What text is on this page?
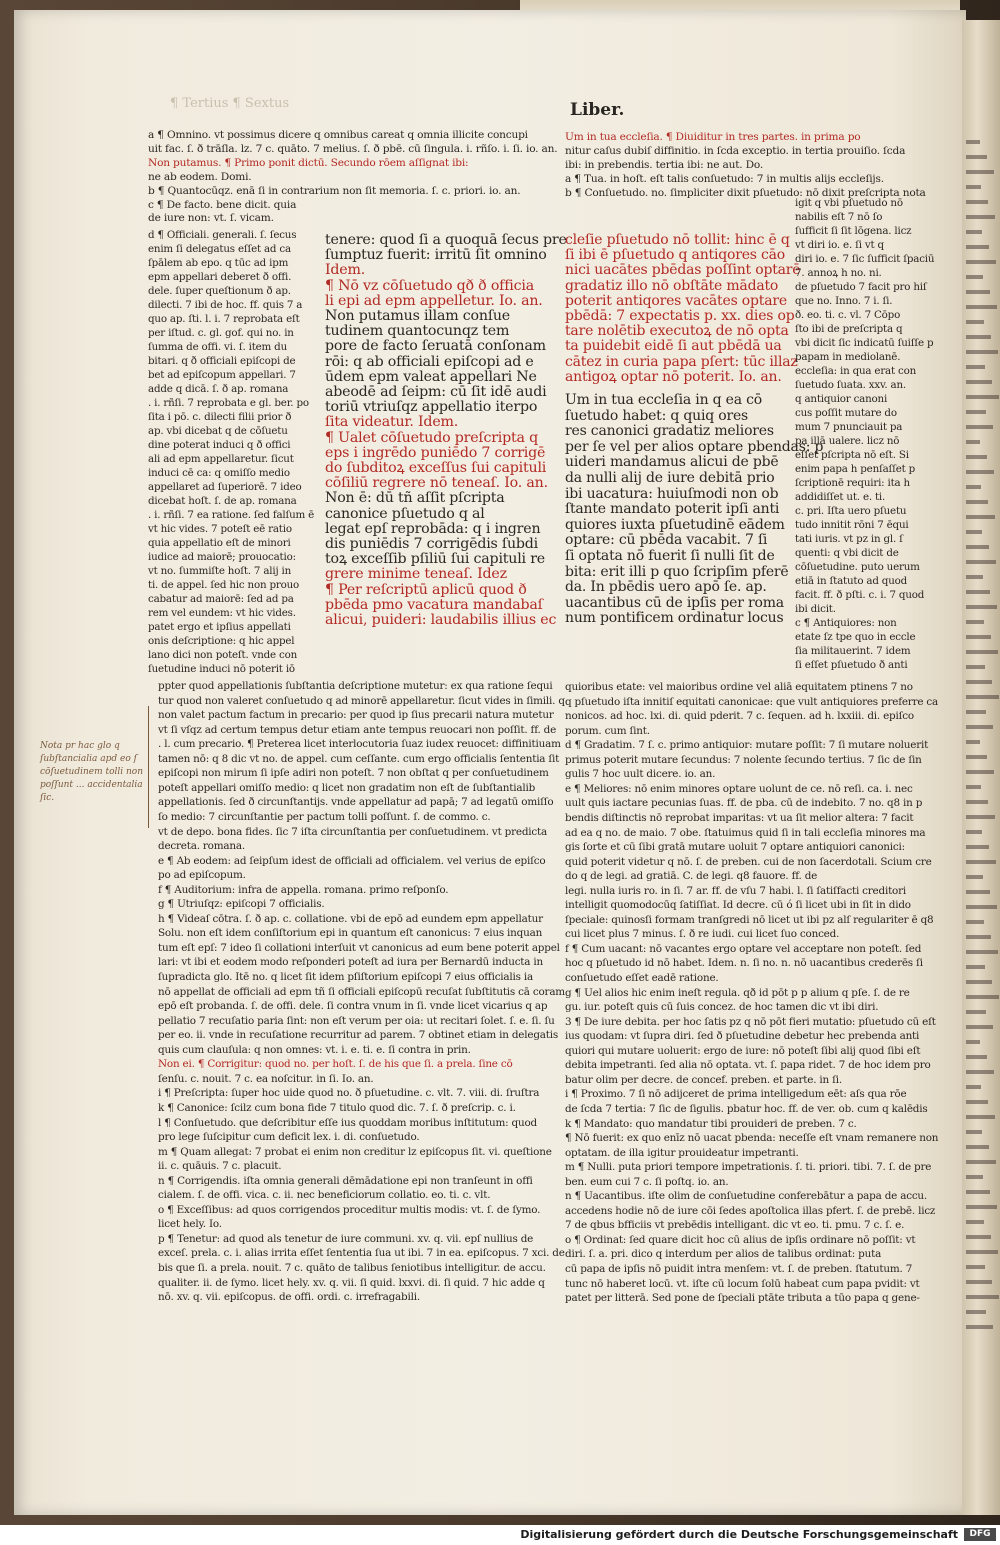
¶ Tertius ¶ Sextus	Liber.
a ¶ Omnino. vt possimus dicere q omnibus careat q omnia illicite concupi
uit fac. ſ. ð trāſla. lz. 7 c. quāto. 7 melius. ſ. ð pbē. cū ſingula. i. rñſo. i. ſi. io. an.
Non putamus. ¶ Primo ponit dictū. Secundo rōem aſſignat ibi:
ne ab eodem. Domi.
b ¶ Quantocūqz. enā ſi in contrarium non ſit memoria. ſ. c. priori. io. an.
c ¶ De facto. bene dicit. quia
de iure non: vt. ſ. vicam.
d ¶ Officiali. generali. ſ. ſecus
enim ſi delegatus eſſet ad ca
ſpālem ab epo. q tūc ad ipm
epm appellari deberet ð offi.
dele. ſuper queſtionum ð ap.
dilecti. 7 ibi de hoc. ff. quis 7 a
quo ap. ſti. l. i. 7 reprobata eſt
per iſtud. c. gl. gof. qui no. in
ſumma de offi. vi. ſ. item du
bitari. q ð officiali epiſcopi de
bet ad epiſcopum appellari. 7
adde q dicā. ſ. ð ap. romana
. i. rñſi. 7 reprobata e gl. ber. po
ſita i pō. c. dilecti filii prior ð
ap. vbi dicebat q de cōſuetu
dine poterat induci q ð offici
ali ad epm appellaretur. ſicut
induci cē ca: q omiſſo medio
appellaret ad ſuperiorē. 7 ideo
dicebat hoſt. ſ. de ap. romana
. i. rñſi. 7 ea ratione. ſed falſum ē
vt hic vides. 7 poteſt eē ratio
quia appellatio eſt de minori
iudice ad maiorē; prouocatio:
vt no. ſummiſte hoſt. 7 alij in
ti. de appel. ſed hic non prouo
cabatur ad maiorē: ſed ad pa
rem vel eundem: vt hic vides.
patet ergo et ipſius appellati
onis deſcriptione: q hic appel
lano dici non poteſt. vnde con
ſuetudine induci nō poterit iō
ppter quod appellationis ſubſtantia deſcriptione mutetur: ex qua ratione ſequi
tur quod non valeret conſuetudo q ad minorē appellaretur. ſicut vides in ſimili. q
non valet pactum factum in precario: per quod ip ſius precarii natura mutetur
vt ſi vſqz ad certum tempus detur etiam ante tempus reuocari non poſſit. ff. de
. l. cum precario. ¶ Preterea licet interlocutoria ſuaz iudex reuocet: diffinitiuam
tamen nō: q 8 dic vt no. de appel. cum ceſſante. cum ergo officialis ſententia ſit
epiſcopi non mirum ſi ipſe adiri non poteſt. 7 non obſtat q per conſuetudinem
poteſt appellari omiſſo medio: q licet non gradatim non eſt de ſubſtantialib
appellationis. ſed ð circunſtantijs. vnde appellatur ad papā; 7 ad legatū omiſſo
ſo medio: 7 circunſtantie per pactum tolli poſſunt. ſ. de commo. c.
vt de depo. bona fides. ſic 7 iſta circunſtantia per conſuetudinem. vt predicta
decreta. romana.
e ¶ Ab eodem: ad ſeipſum idest de officiali ad officialem. vel verius de epiſco
po ad epiſcopum.
f ¶ Auditorium: infra de appella. romana. primo reſponſo.
g ¶ Utriuſqz: epiſcopi 7 officialis.
h ¶ Videaſ cōtra. ſ. ð ap. c. collatione. vbi de epō ad eundem epm appellatur
Solu. non eſt idem conſiſtorium epi in quantum eſt canonicus: 7 eius inquan
tum eſt epſ: 7 ideo ſi collationi interſuit vt canonicus ad eum bene poterit appel
lari: vt ibi et eodem modo reſponderi poteſt ad iura per Bernardū inducta in
ſupradicta glo. Itē no. q licet ſit idem pſiſtorium epiſcopi 7 eius officialis ia
nō appellat de officiali ad epm tñ ſi officiali epiſcopū recuſat ſubſtitutis cā coram
epō eſt probanda. ſ. de offi. dele. ſi contra vnum in ſi. vnde licet vicarius q ap
pellatio 7 recuſatio paria ſint: non eſt verum per oia: ut recitari ſolet. ſ. e. ſi. ſu
per eo. ii. vnde in recuſatione recurritur ad parem. 7 obtinet etiam in delegatis
quis cum clauſula: q non omnes: vt. i. e. ti. e. ſi contra in prin.
Non ei. ¶ Corrigitur: quod no. per hoſt. ſ. de his que ſi. a prela. ſine cō
ſenſu. c. nouit. 7 c. ea noſcitur. in ſi. Io. an.
i ¶ Preſcripta: ſuper hoc uide quod no. ð pſuetudine. c. vlt. 7. viii. di. ſruſtra
k ¶ Canonice: ſcilz cum bona fide 7 titulo quod dic. 7. ſ. ð preſcrip. c. i.
l ¶ Conſuetudo. que deſcribitur eſſe ius quoddam moribus inſtitutum: quod
pro lege ſuſcipitur cum deficit lex. i. di. conſuetudo.
m ¶ Quam allegat: 7 probat ei enim non creditur lz epiſcopus ſit. vi. queſtione
ii. c. quāuis. 7 c. placuit.
n ¶ Corrigendis. iſta omnia generali dēmādatione epi non tranſeunt in offi
cialem. ſ. de offi. vica. c. ii. nec beneficiorum collatio. eo. ti. c. vlt.
o ¶ Exceſſibus: ad quos corrigendos proceditur multis modis: vt. ſ. de ſymo.
licet hely. Io.
p ¶ Tenetur: ad quod als tenetur de iure communi. xv. q. vii. epſ nullius de
exceſ. prela. c. i. alias irrita eſſet ſententia ſua ut ibi. 7 in ea. epiſcopus. 7 xci. de
bis que ſi. a prela. nouit. 7 c. quāto de talibus ſeniotibus intelligitur. de accu.
qualiter. ii. de ſymo. licet hely. xv. q. vii. ſi quid. lxxvi. di. ſi quid. 7 hic adde q
nō. xv. q. vii. epiſcopus. de offi. ordi. c. irrefragabili.
tenere: quod ſi a quoquā ſecus pre
ſumptuz fuerit: irritū ſit omnino
Idem.
¶ Nō vz cōſuetudo qð ð officia
li epi ad epm appelletur. Io. an.
Non putamus illam conſue
tudinem quantocunqz tem
pore de facto ſeruatā conſonam
rōi: q ab officiali epiſcopi ad e
ūdem epm valeat appellari Ne
abeodē ad ſeipm: cū ſit idē audi
toriū vtriuſqz appellatio iterpo
ſita videatur. Idem.
¶ Ualet cōſuetudo preſcripta q
eps i ingrēdo puniēdo 7 corrigē
do ſubditoꝝ exceſſus ſui capituli
cōſiliū regrere nō teneaſ. Io. an.
Non ē: dū tñ aſſit pſcripta
canonice pſuetudo q al
legat epſ reprobāda: q i ingren
dis puniēdis 7 corrigēdis ſubdi
toꝝ exceſſib pſiliū ſui capituli re
grere minime teneaſ. Idez
¶ Per reſcriptū aplicū quod ð
pbēda pmo vacatura mandabaſ
alicui, puideri: laudabilis illius ec
Um in tua eccleſia. ¶ Diuiditur in tres partes. in prima po
nitur caſus dubiſ diffinitio. in ſcda exceptio. in tertia prouiſio. ſcda
ibi: in prebendis. tertia ibi: ne aut. Do.
a ¶ Tua. in hoſt. eſt talis conſuetudo: 7 in multis alijs eccleſijs.
b ¶ Conſuetudo. no. ſimpliciter dixit pſuetudo: nō dixit preſcripta nota
cleſie pſuetudo nō tollit: hinc ē q
ſi ibi ē pſuetudo q antiqores cāo
nici uacātes pbēdas poſſint optarē
gradatiz illo nō obſtāte mādato
poterit antiqores vacātes optare
pbēdā: 7 expectatis p. xx. dies op
tare nolētib executoꝝ de nō opta
ta puidebit eidē ſi aut pbēdā ua
cātez in curia papa pſert: tūc illaz
antigoꝝ optar nō poterit. Io. an.
Um in tua eccleſia in q ea cō
ſuetudo habet: q quiq ores
res canonici gradatiz meliores
per ſe vel per alios optare pbendas: p
uideri mandamus alicui de pbē
da nulli alij de iure debitā prio
ibi uacatura: huiuſmodi non ob
ſtante mandato poterit ipſi anti
quiores iuxta pſuetudinē eādem
optare: cū pbēda vacabit. 7 ſi
ſi optata nō fuerit ſi nulli ſit de
bita: erit illi p quo ſcripſim pferē
da. In pbēdis uero apō ſe. ap.
uacantibus cū de ipſis per roma
num pontificem ordinatur locus
igit q vbi pſuetudo nō
nabilis eſt 7 nō ſo
ſufficit ſi ſit lōgena. licz
vt diri io. e. ſi vt q
diri io. e. 7 ſic ſufficit ſpaciū
7. annoꝝ h no. ni.
de pſuetudo 7 facit pro hiſ
que no. Inno. 7 i. ſi.
ð. eo. ti. c. vl. 7 Cōpo
ſto ibi de preſcripta q
vbi dicit ſic indicatū ſuiſſe p
papam in mediolanē.
eccleſia: in qua erat con
ſuetudo ſuata. xxv. an.
q antiquior canoni
cus poſſit mutare do
mum 7 pnunciauit pa
pa illā ualere. licz nō
eſſet pſcripta nō eſt. Si
enim papa h penſaſſet p
ſcriptionē requiri: ita h
addidiſſet ut. e. ti.
c. pri. Iſta uero pſuetu
tudo innitit rōni 7 ēqui
tati iuris. vt pz in gl. ſ
quenti: q vbi dicit de
cōſuetudine. puto uerum
etiā in ſtatuto ad quod
facit. ff. ð pſti. c. i. 7 quod
ibi dicit.
c ¶ Antiquiores: non
etate ſz tpe quo in eccle
ſia militauerint. 7 idem
ſi eſſet pſuetudo ð anti
quioribus etate: vel maioribus ordine vel aliā equitatem ptinens 7 no
q pſuetudo iſta innitiſ equitati canonicae: que vult antiquiores preferre ca
nonicos. ad hoc. lxi. di. quid pderit. 7 c. ſequen. ad h. lxxiii. di. epiſco
porum. cum ſint.
d ¶ Gradatim. 7 ſ. c. primo antiquior: mutare poſſit: 7 ſi mutare noluerit
primus poterit mutare ſecundus: 7 nolente ſecundo tertius. 7 ſic de ſin
gulis 7 hoc uult dicere. io. an.
e ¶ Meliores: nō enim minores optare uolunt de ce. nō reſi. ca. i. nec
uult quis iactare pecunias ſuas. ff. de pba. cū de indebito. 7 no. q8 in p
bendis diſtinctis nō reprobat imparitas: vt ua ſit melior altera: 7 facit
ad ea q no. de maio. 7 obe. ſtatuimus quid ſi in tali eccleſia minores ma
gis ſorte et cū ſibi gratā mutare uoluit 7 optare antiquiori canonici:
quid poterit videtur q nō. ſ. de preben. cui de non ſacerdotali. Scium cre
do q de legi. ad gratiā. C. de legi. q8 fauore. ff. de
legi. nulla iuris ro. in ſi. 7 ar. ff. de vſu 7 habi. l. ſi ſatiſfacti creditori
intelligit quomodocūq ſatiſſiat. Id decre. cū ó ſi licet ubi in ſit in dido
ſpeciale: quinosſi formam tranſgredi nō licet ut ibi pz alſ regulariter ē q8
cui licet plus 7 minus. ſ. ð re iudi. cui licet ſuo conced.
f ¶ Cum uacant: nō vacantes ergo optare vel acceptare non poteſt. ſed
hoc q pſuetudo id nō habet. Idem. n. ſi no. n. nō uacantibus crederēs ſi
conſuetudo eſſet eadē ratione.
g ¶ Uel alios hic enim ineſt regula. qð id pōt p p alium q pſe. ſ. de re
gu. iur. poteſt quis cū ſuis concez. de hoc tamen dic vt ibi diri.
3 ¶ De iure debita. per hoc ſatis pz q nō pōt fieri mutatio: pſuetudo cū eſt
ius quodam: vt ſupra diri. ſed ð pſuetudine debetur hec prebenda anti
quiori qui mutare uoluerit: ergo de iure: nō poteſt ſibi alij quod ſibi eſt
debita impetranti. ſed alia nō optata. vt. ſ. papa ridet. 7 de hoc idem pro
batur olim per decre. de concef. preben. et parte. in ſi.
i ¶ Proximo. 7 ſi nō adijceret de prima intelligedum eēt: aſs qua rōe
de ſcda 7 tertia: 7 ſic de ſigulis. pbatur hoc. ff. de ver. ob. cum q kalēdis
k ¶ Mandato: quo mandatur tibi prouideri de preben. 7 c.
¶ Nō fuerit: ex quo enīz nō uacat pbenda: neceſſe eſt vnam remanere non
optatam. de illa igitur prouideatur impetranti.
m ¶ Nulli. puta priori tempore impetrationis. ſ. ti. priori. tibi. 7. ſ. de pre
ben. eum cui 7 c. ſi poſtq. io. an.
n ¶ Uacantibus. iſte olim de conſuetudine conferebātur a papa de accu.
accedens hodie nō de iure cōi ſedes apoſtolica illas pfert. ſ. de prebē. licz
7 de qbus bfficiis vt prebēdis intelligant. dic vt eo. ti. pmu. 7 c. ſ. e.
o ¶ Ordinat: ſed quare dicit hoc cū alius de ipſis ordinare nō poſſit: vt
diri. ſ. a. pri. dico q interdum per alios de talibus ordinat: puta
cū papa de ipſis nō puidit intra menſem: vt. ſ. de preben. ſtatutum. 7
tunc nō haberet locū. vt. iſte cū locum ſolū habeat cum papa pvidit: vt
patet per litterā. Sed pone de ſpeciali ptāte tributa a tūo papa q gene-
Nota pr hac glo q ſubſtancialia apd eo ſ cōſuetudinem tolli non poſſunt ... accidentalia ſic.
Digitalisierung gefördert durch die Deutsche Forschungsgemeinschaft	DFG
